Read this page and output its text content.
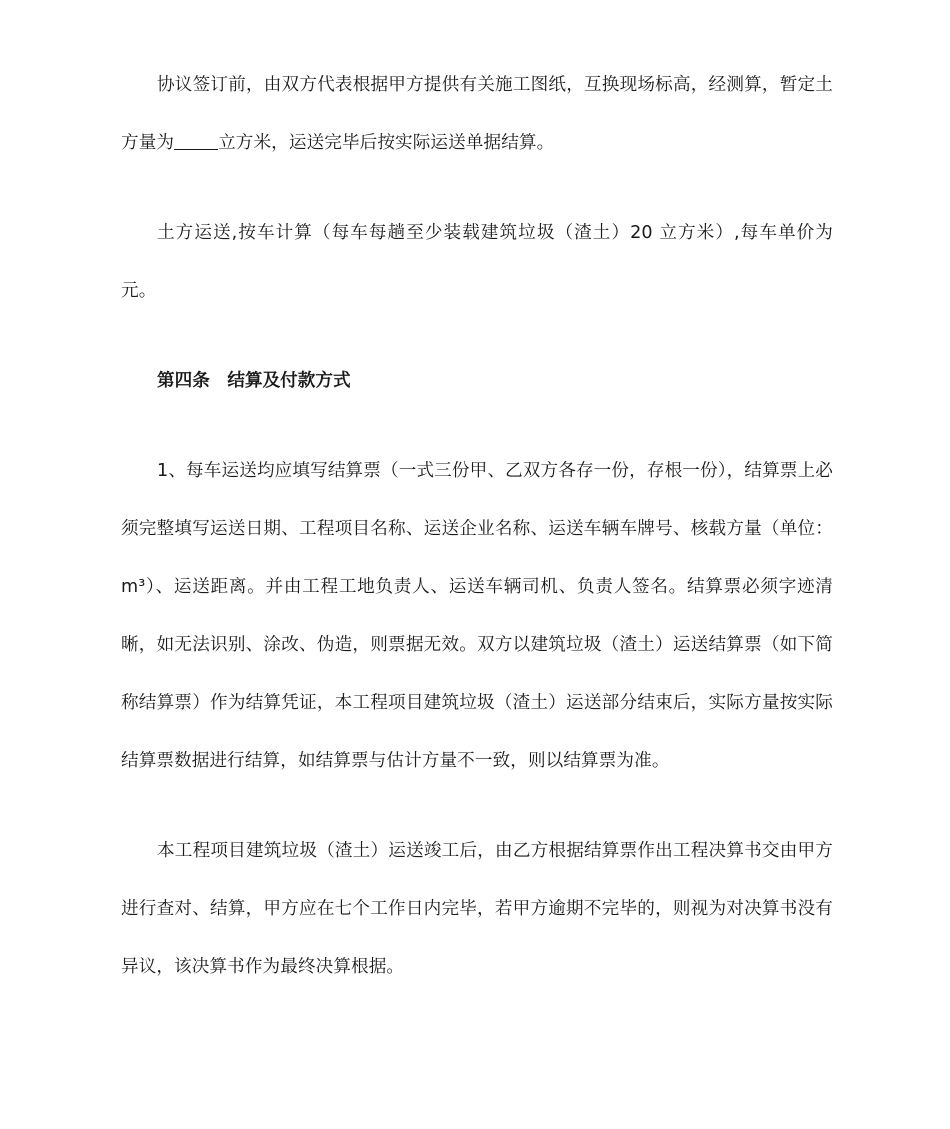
协议签订前，由双方代表根据甲方提供有关施工图纸，互换现场标高，经测算，暂定土方量为	立方米，运送完毕后按实际运送单据结算。

土方运送,按车计算（每车每趟至少装载建筑垃圾（渣土）20 立方米）,每车单价为元。

第四条　结算及付款方式

1、每车运送均应填写结算票（一式三份甲、乙双方各存一份，存根一份），结算票上必须完整填写运送日期、工程项目名称、运送企业名称、运送车辆车牌号、核载方量（单位：m³）、运送距离。并由工程工地负责人、运送车辆司机、负责人签名。结算票必须字迹清晰，如无法识别、涂改、伪造，则票据无效。双方以建筑垃圾（渣土）运送结算票（如下简称结算票）作为结算凭证，本工程项目建筑垃圾（渣土）运送部分结束后，实际方量按实际结算票数据进行结算，如结算票与估计方量不一致，则以结算票为准。

本工程项目建筑垃圾（渣土）运送竣工后，由乙方根据结算票作出工程决算书交由甲方进行查对、结算，甲方应在七个工作日内完毕，若甲方逾期不完毕的，则视为对决算书没有异议，该决算书作为最终决算根据。
